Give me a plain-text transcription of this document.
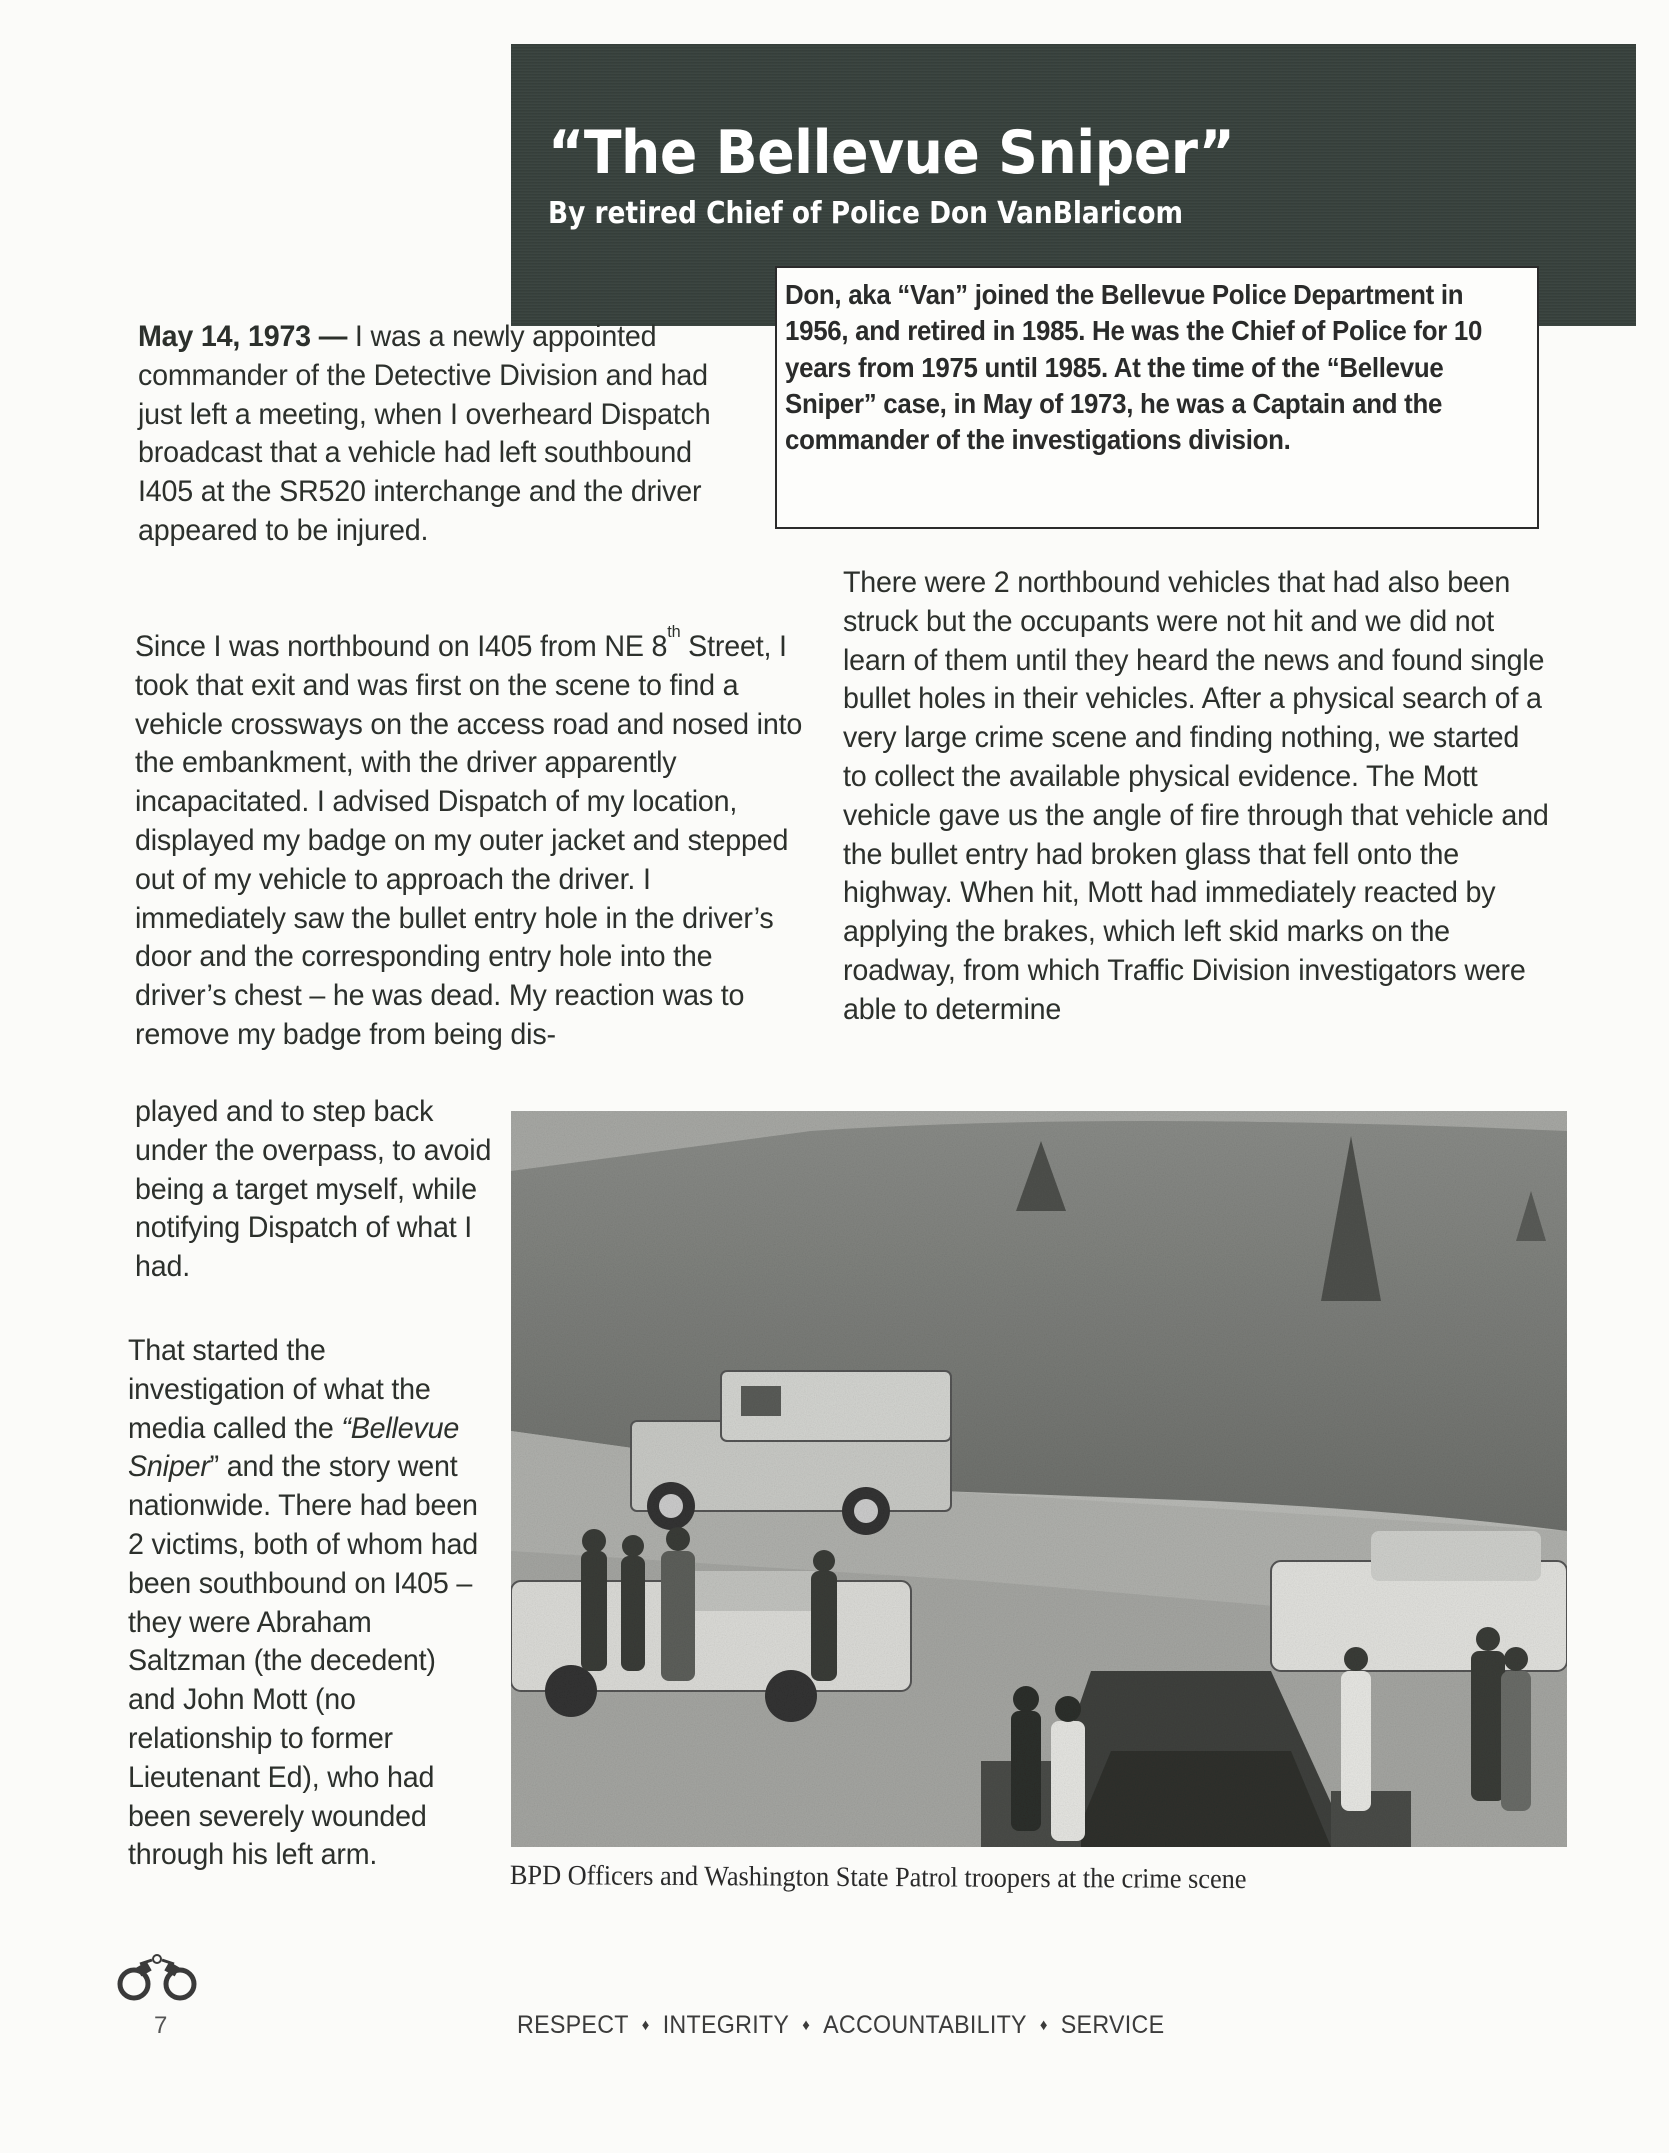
“The Bellevue Sniper”

By retired Chief of Police Don VanBlaricom

Don, aka “Van” joined the Bellevue Police Department in 1956, and retired in 1985. He was the Chief of Police for 10 years from 1975 until 1985. At the time of the “Bellevue Sniper” case, in May of 1973, he was a Captain and the commander of the investigations division.

May 14, 1973 — I was a newly appointed commander of the Detective Division and had just left a meeting, when I overheard Dispatch broadcast that a vehicle had left southbound I405 at the SR520 interchange and the driver appeared to be injured.

Since I was northbound on I405 from NE 8th Street, I took that exit and was first on the scene to find a vehicle crossways on the access road and nosed into the embankment, with the driver apparently incapacitated. I advised Dispatch of my location, displayed my badge on my outer jacket and stepped out of my vehicle to approach the driver. I immediately saw the bullet entry hole in the driver’s door and the corresponding entry hole into the driver’s chest – he was dead. My reaction was to remove my badge from being dis-

played and to step back under the overpass, to avoid being a target myself, while notifying Dispatch of what I had.

That started the investigation of what the media called the “Bellevue Sniper” and the story went nationwide. There had been 2 victims, both of whom had been southbound on I405 – they were Abraham Saltzman (the decedent) and John Mott (no relationship to former Lieutenant Ed), who had been severely wounded through his left arm.

There were 2 northbound vehicles that had also been struck but the occupants were not hit and we did not learn of them until they heard the news and found single bullet holes in their vehicles. After a physical search of a very large crime scene and finding nothing, we started to collect the available physical evidence. The Mott vehicle gave us the angle of fire through that vehicle and the bullet entry had broken glass that fell onto the highway. When hit, Mott had immediately reacted by applying the brakes, which left skid marks on the roadway, from which Traffic Division investigators were able to determine

BPD Officers and Washington State Patrol troopers at the crime scene

7	RESPECT ♦ INTEGRITY ♦ ACCOUNTABILITY ♦ SERVICE
